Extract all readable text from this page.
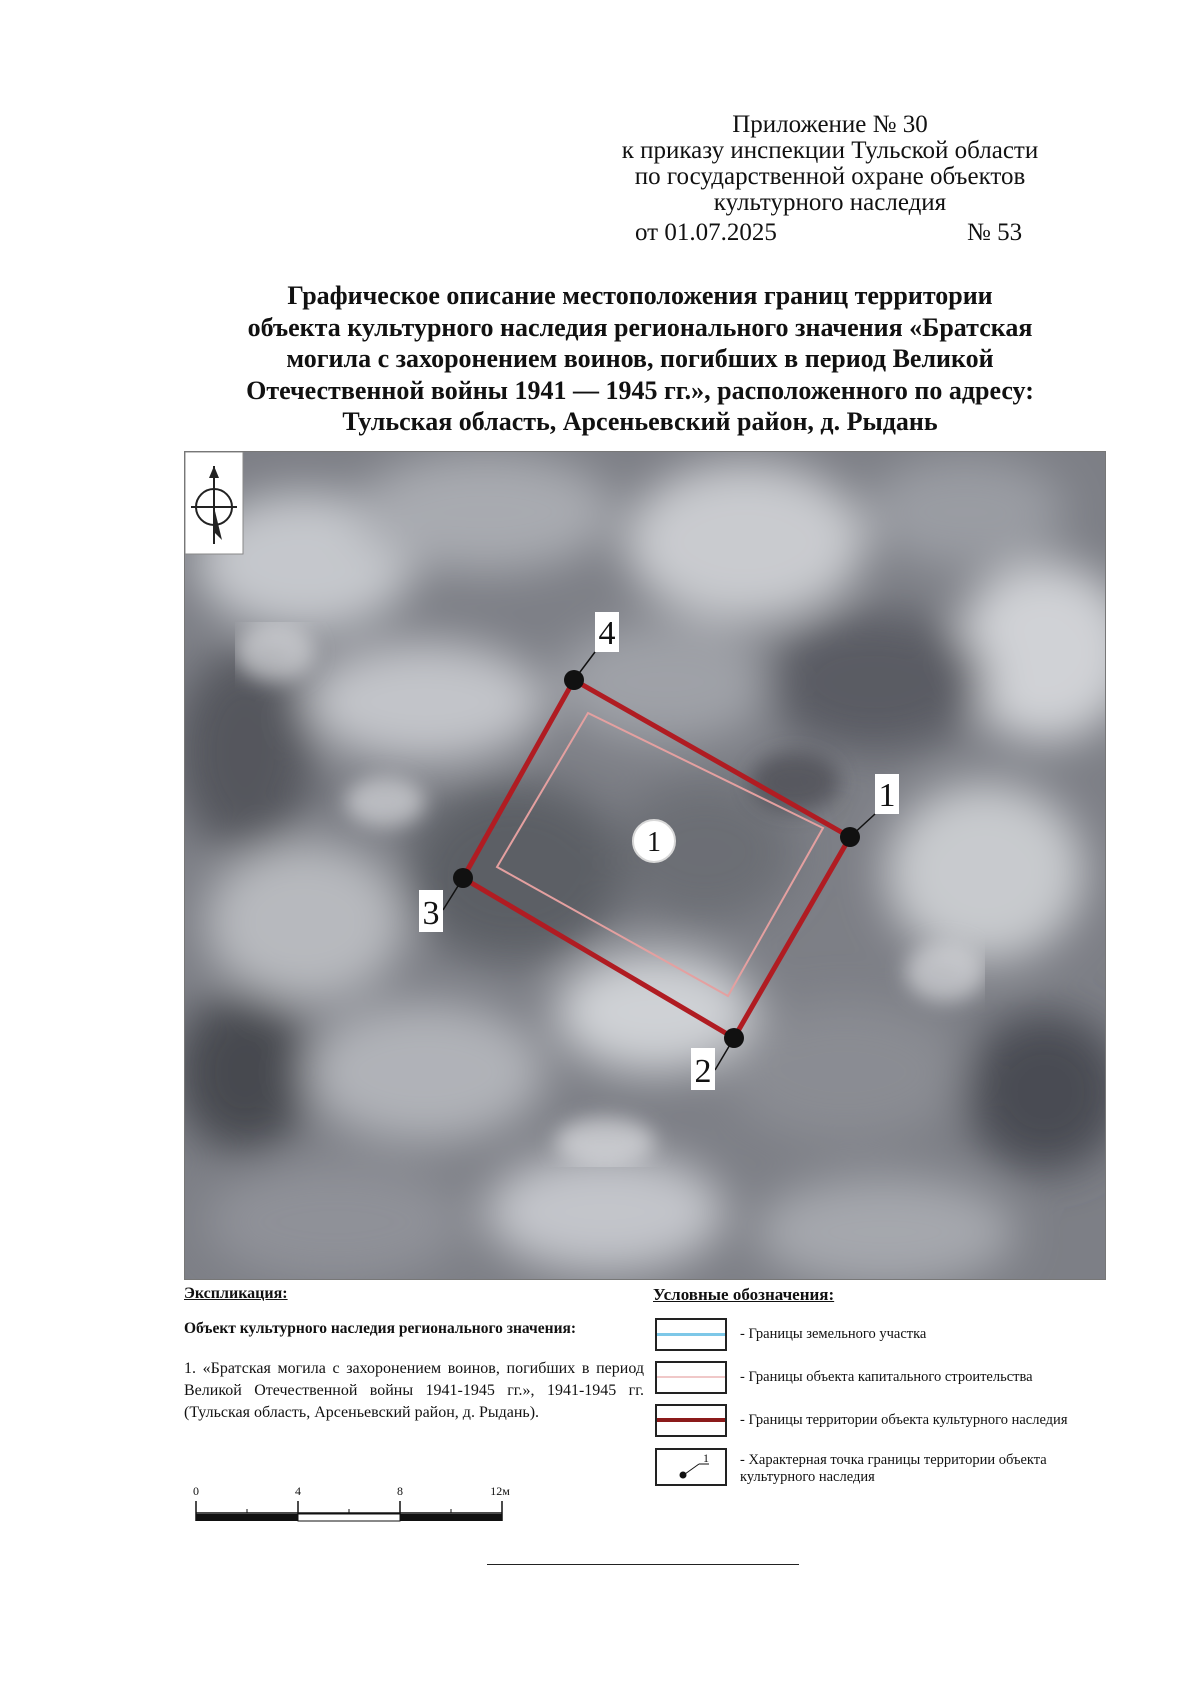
Приложение № 30
к приказу инспекции Тульской области
по государственной охране объектов
культурного наследия
от 01.07.2025	№ 53
Графическое описание местоположения границ территории
объекта культурного наследия регионального значения «Братская
могила с захоронением воинов, погибших в период Великой
Отечественной войны 1941 — 1945 гг.», расположенного по адресу:
Тульская область, Арсеньевский район, д. Рыдань
1
4
1
3
2
Экспликация:
Объект культурного наследия регионального значения:
1. «Братская могила с захоронением воинов, погибших в период Великой Отечественной войны 1941-1945 гг.», 1941-1945 гг. (Тульская область, Арсеньевский район, д. Рыдань).
Условные обозначения:
- Границы земельного участка
- Границы объекта капитального строительства
- Границы территории объекта культурного наследия
1 - Характерная точка границы территории объекта культурного наследия
0	4	8	12м
